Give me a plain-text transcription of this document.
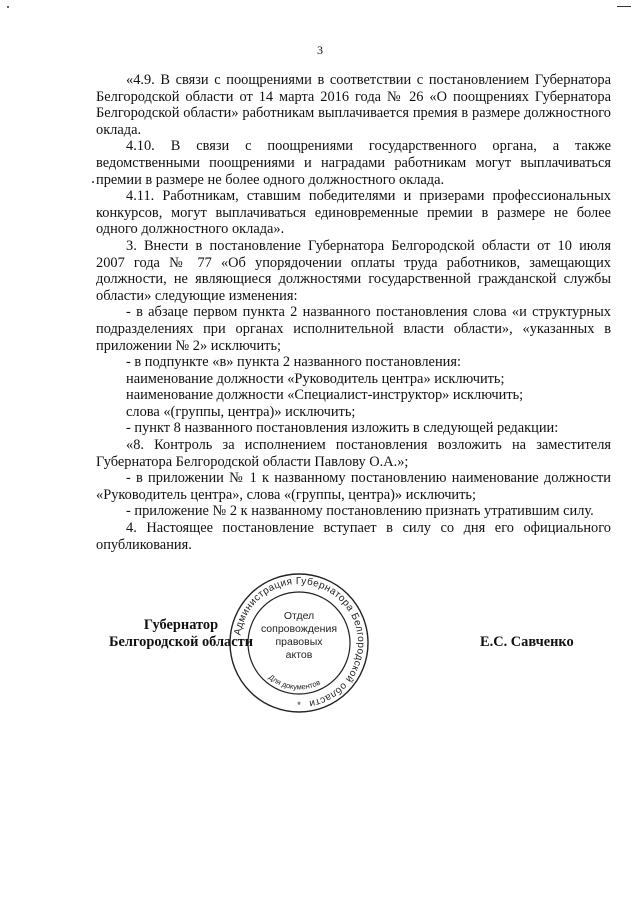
3

«4.9. В связи с поощрениями в соответствии с постановлением Губернатора Белгородской области от 14 марта 2016 года № 26 «О поощрениях Губернатора Белгородской области» работникам выплачивается премия в размере должностного оклада.

4.10. В связи с поощрениями государственного органа, а также ведомственными поощрениями и наградами работникам могут выплачиваться премии в размере не более одного должностного оклада.

4.11. Работникам, ставшим победителями и призерами профессиональных конкурсов, могут выплачиваться единовременные премии в размере не более одного должностного оклада».

3. Внести в постановление Губернатора Белгородской области от 10 июля 2007 года № 77 «Об упорядочении оплаты труда работников, замещающих должности, не являющиеся должностями государственной гражданской службы области» следующие изменения:

- в абзаце первом пункта 2 названного постановления слова «и структурных подразделениях при органах исполнительной власти области», «указанных в приложении № 2» исключить;

- в подпункте «в» пункта 2 названного постановления:

наименование должности «Руководитель центра» исключить;

наименование должности «Специалист-инструктор» исключить;

слова «(группы, центра)» исключить;

- пункт 8 названного постановления изложить в следующей редакции:

«8. Контроль за исполнением постановления возложить на заместителя Губернатора Белгородской области Павлову О.А.»;

- в приложении № 1 к названному постановлению наименование должности «Руководитель центра», слова «(группы, центра)» исключить;

- приложение № 2 к названному постановлению признать утратившим силу.

4. Настоящее постановление вступает в силу со дня его официального опубликования.

Губернатор
Белгородской области	Е.С. Савченко
Администрация Губернатора Белгородской области
Для документов
*
Отдел
сопровождения
правовых
актов
